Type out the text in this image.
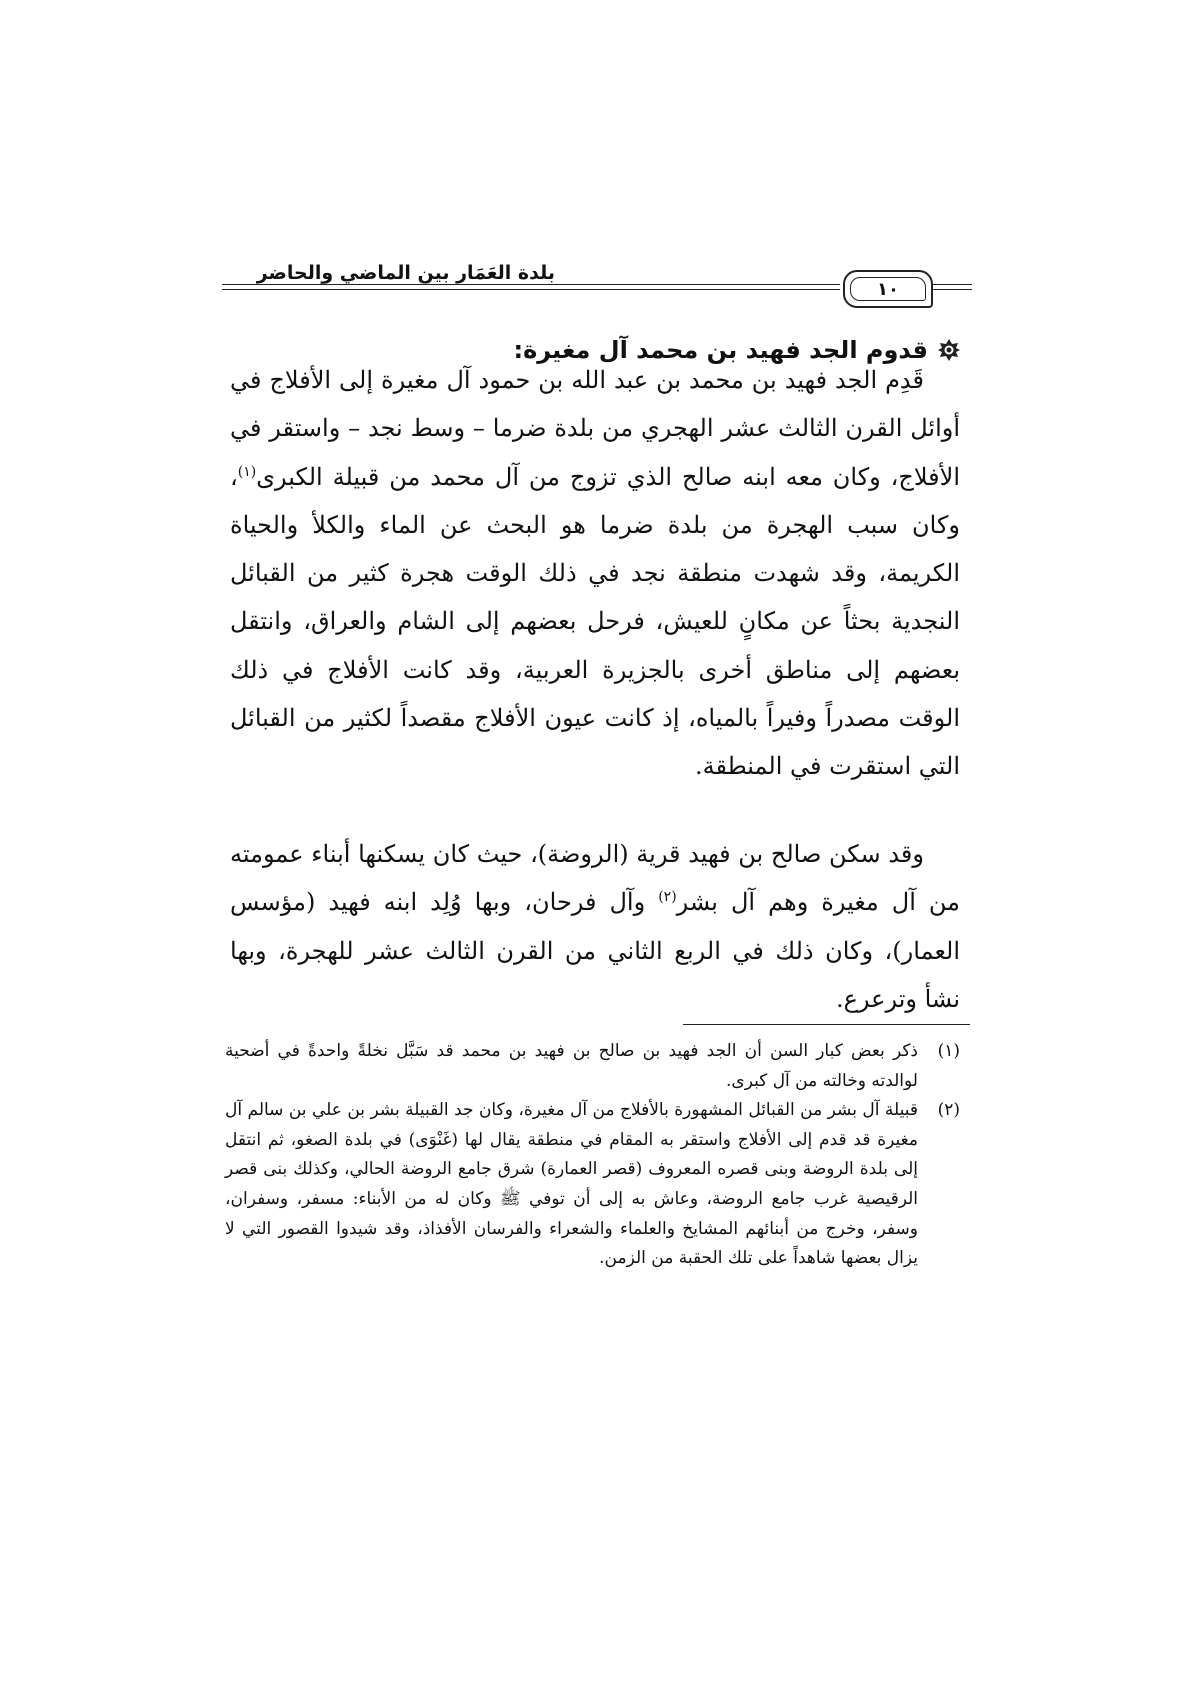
بلدة العَمَار بين الماضي والحاضر
١٠
قدوم الجد فهيد بن محمد آل مغيرة:

قَدِم الجد فهيد بن محمد بن عبد الله بن حمود آل مغيرة إلى الأفلاج في أوائل القرن الثالث عشر الهجري من بلدة ضرما – وسط نجد – واستقر في الأفلاج، وكان معه ابنه صالح الذي تزوج من آل محمد من قبيلة الكبرى$^{(١)}$، وكان سبب الهجرة من بلدة ضرما هو البحث عن الماء والكلأ والحياة الكريمة، وقد شهدت منطقة نجد في ذلك الوقت هجرة كثير من القبائل النجدية بحثاً عن مكانٍ للعيش، فرحل بعضهم إلى الشام والعراق، وانتقل بعضهم إلى مناطق أخرى بالجزيرة العربية، وقد كانت الأفلاج في ذلك الوقت مصدراً وفيراً بالمياه، إذ كانت عيون الأفلاج مقصداً لكثير من القبائل التي استقرت في المنطقة.

وقد سكن صالح بن فهيد قرية (الروضة)، حيث كان يسكنها أبناء عمومته من آل مغيرة وهم آل بشر$^{(٢)}$ وآل فرحان، وبها وُلِد ابنه فهيد (مؤسس العمار)، وكان ذلك في الربع الثاني من القرن الثالث عشر للهجرة، وبها نشأ وترعرع.

(١)
ذكر بعض كبار السن أن الجد فهيد بن صالح بن فهيد بن محمد قد سَبَّل نخلةً واحدةً في أضحية لوالدته وخالته من آل كبرى.
(٢)
قبيلة آل بشر من القبائل المشهورة بالأفلاج من آل مغيرة، وكان جد القبيلة بشر بن علي بن سالم آل مغيرة قد قدم إلى الأفلاج واستقر به المقام في منطقة يقال لها (غَنْوَى) في بلدة الصغو، ثم انتقل إلى بلدة الروضة وبنى قصره المعروف (قصر العمارة) شرق جامع الروضة الحالي، وكذلك بنى قصر الرقيصية غرب جامع الروضة، وعاش به إلى أن توفي ﷺ وكان له من الأبناء: مسفر، وسفران، وسفر، وخرج من أبنائهم المشايخ والعلماء والشعراء والفرسان الأفذاذ، وقد شيدوا القصور التي لا يزال بعضها شاهداً على تلك الحقبة من الزمن.
